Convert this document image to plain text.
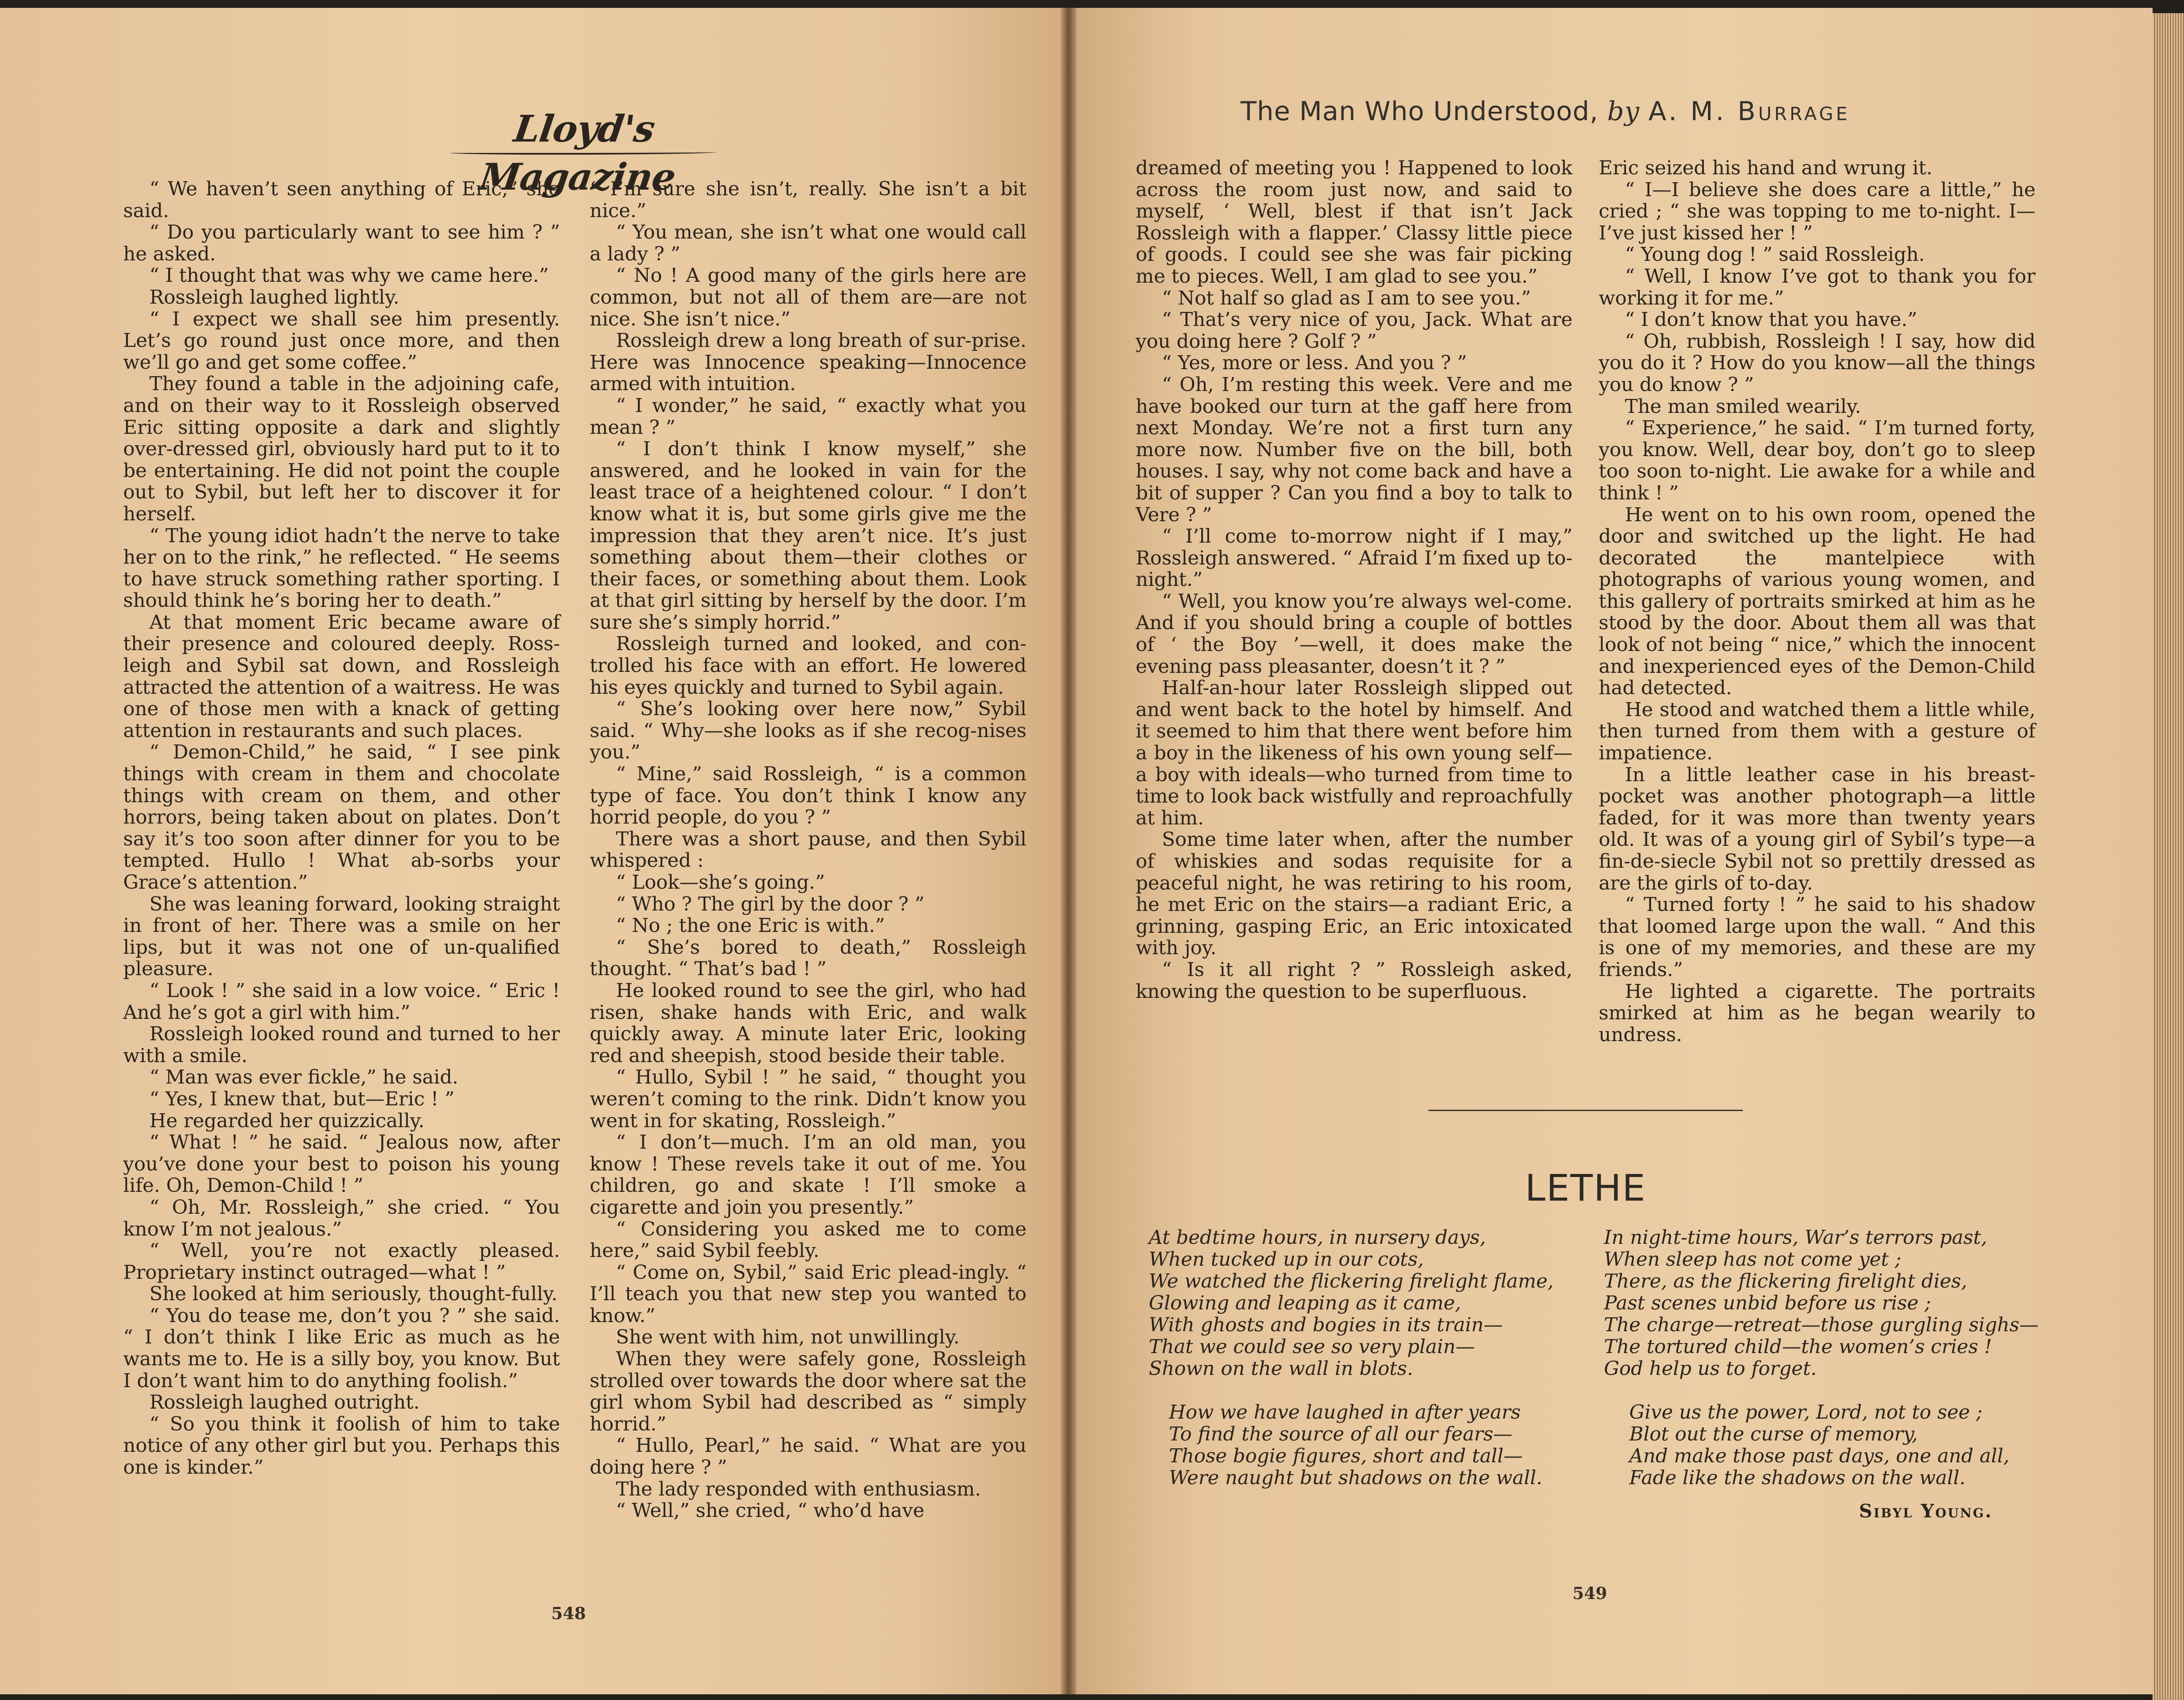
Lloyd's Magazine
The Man Who Understood, by A. M. Burrage

“ We haven’t seen anything of Eric,” she said.

“ Do you particularly want to see him ? ” he asked.

“ I thought that was why we came here.”

Rossleigh laughed lightly.

“ I expect we shall see him presently. Let’s go round just once more, and then we’ll go and get some coffee.”

They found a table in the adjoining cafe, and on their way to it Rossleigh observed Eric sitting opposite a dark and slightly over-dressed girl, obviously hard put to it to be entertaining. He did not point the couple out to Sybil, but left her to discover it for herself.

“ The young idiot hadn’t the nerve to take her on to the rink,” he reflected. “ He seems to have struck something rather sporting. I should think he’s boring her to death.”

At that moment Eric became aware of their presence and coloured deeply. Ross-leigh and Sybil sat down, and Rossleigh attracted the attention of a waitress. He was one of those men with a knack of getting attention in restaurants and such places.

“ Demon-Child,” he said, “ I see pink things with cream in them and chocolate things with cream on them, and other horrors, being taken about on plates. Don’t say it’s too soon after dinner for you to be tempted. Hullo ! What ab-sorbs your Grace’s attention.”

She was leaning forward, looking straight in front of her. There was a smile on her lips, but it was not one of un-qualified pleasure.

“ Look ! ” she said in a low voice. “ Eric ! And he’s got a girl with him.”

Rossleigh looked round and turned to her with a smile.

“ Man was ever fickle,” he said.

“ Yes, I knew that, but—Eric ! ”

He regarded her quizzically.

“ What ! ” he said. “ Jealous now, after you’ve done your best to poison his young life. Oh, Demon-Child ! ”

“ Oh, Mr. Rossleigh,” she cried. “ You know I’m not jealous.”

“ Well, you’re not exactly pleased. Proprietary instinct outraged—what ! ”

She looked at him seriously, thought-fully.

“ You do tease me, don’t you ? ” she said. “ I don’t think I like Eric as much as he wants me to. He is a silly boy, you know. But I don’t want him to do anything foolish.”

Rossleigh laughed outright.

“ So you think it foolish of him to take notice of any other girl but you. Perhaps this one is kinder.”

“ I’m sure she isn’t, really. She isn’t a bit nice.”

“ You mean, she isn’t what one would call a lady ? ”

“ No ! A good many of the girls here are common, but not all of them are—are not nice. She isn’t nice.”

Rossleigh drew a long breath of sur-prise. Here was Innocence speaking—Innocence armed with intuition.

“ I wonder,” he said, “ exactly what you mean ? ”

“ I don’t think I know myself,” she answered, and he looked in vain for the least trace of a heightened colour. “ I don’t know what it is, but some girls give me the impression that they aren’t nice. It’s just something about them—their clothes or their faces, or something about them. Look at that girl sitting by herself by the door. I’m sure she’s simply horrid.”

Rossleigh turned and looked, and con-trolled his face with an effort. He lowered his eyes quickly and turned to Sybil again.

“ She’s looking over here now,” Sybil said. “ Why—she looks as if she recog-nises you.”

“ Mine,” said Rossleigh, “ is a common type of face. You don’t think I know any horrid people, do you ? ”

There was a short pause, and then Sybil whispered :

“ Look—she’s going.”

“ Who ? The girl by the door ? ”

“ No ; the one Eric is with.”

“ She’s bored to death,” Rossleigh thought. “ That’s bad ! ”

He looked round to see the girl, who had risen, shake hands with Eric, and walk quickly away. A minute later Eric, looking red and sheepish, stood beside their table.

“ Hullo, Sybil ! ” he said, “ thought you weren’t coming to the rink. Didn’t know you went in for skating, Rossleigh.”

“ I don’t—much. I’m an old man, you know ! These revels take it out of me. You children, go and skate ! I’ll smoke a cigarette and join you presently.”

“ Considering you asked me to come here,” said Sybil feebly.

“ Come on, Sybil,” said Eric plead-ingly. “ I’ll teach you that new step you wanted to know.”

She went with him, not unwillingly.

When they were safely gone, Rossleigh strolled over towards the door where sat the girl whom Sybil had described as “ simply horrid.”

“ Hullo, Pearl,” he said. “ What are you doing here ? ”

The lady responded with enthusiasm.

“ Well,” she cried, “ who’d have

dreamed of meeting you ! Happened to look across the room just now, and said to myself, ‘ Well, blest if that isn’t Jack Rossleigh with a flapper.’ Classy little piece of goods. I could see she was fair picking me to pieces. Well, I am glad to see you.”

“ Not half so glad as I am to see you.”

“ That’s very nice of you, Jack. What are you doing here ? Golf ? ”

“ Yes, more or less. And you ? ”

“ Oh, I’m resting this week. Vere and me have booked our turn at the gaff here from next Monday. We’re not a first turn any more now. Number five on the bill, both houses. I say, why not come back and have a bit of supper ? Can you find a boy to talk to Vere ? ”

“ I’ll come to-morrow night if I may,” Rossleigh answered. “ Afraid I’m fixed up to-night.”

“ Well, you know you’re always wel-come. And if you should bring a couple of bottles of ‘ the Boy ’—well, it does make the evening pass pleasanter, doesn’t it ? ”

Half-an-hour later Rossleigh slipped out and went back to the hotel by himself. And it seemed to him that there went before him a boy in the likeness of his own young self—a boy with ideals—who turned from time to time to look back wistfully and reproachfully at him.

Some time later when, after the number of whiskies and sodas requisite for a peaceful night, he was retiring to his room, he met Eric on the stairs—a radiant Eric, a grinning, gasping Eric, an Eric intoxicated with joy.

“ Is it all right ? ” Rossleigh asked, knowing the question to be superfluous.

Eric seized his hand and wrung it.

“ I—I believe she does care a little,” he cried ; “ she was topping to me to-night. I—I’ve just kissed her ! ”

“ Young dog ! ” said Rossleigh.

“ Well, I know I’ve got to thank you for working it for me.”

“ I don’t know that you have.”

“ Oh, rubbish, Rossleigh ! I say, how did you do it ? How do you know—all the things you do know ? ”

The man smiled wearily.

“ Experience,” he said. “ I’m turned forty, you know. Well, dear boy, don’t go to sleep too soon to-night. Lie awake for a while and think ! ”

He went on to his own room, opened the door and switched up the light. He had decorated the mantelpiece with photographs of various young women, and this gallery of portraits smirked at him as he stood by the door. About them all was that look of not being “ nice,” which the innocent and inexperienced eyes of the Demon-Child had detected.

He stood and watched them a little while, then turned from them with a gesture of impatience.

In a little leather case in his breast-pocket was another photograph—a little faded, for it was more than twenty years old. It was of a young girl of Sybil’s type—a fin-de-siecle Sybil not so prettily dressed as are the girls of to-day.

“ Turned forty ! ” he said to his shadow that loomed large upon the wall. “ And this is one of my memories, and these are my friends.”

He lighted a cigarette. The portraits smirked at him as he began wearily to undress.

548
549
LETHE
At bedtime hours, in nursery days,
When tucked up in our cots,
We watched the flickering firelight flame,
Glowing and leaping as it came,
With ghosts and bogies in its train—
That we could see so very plain—
Shown on the wall in blots.
In night-time hours, War’s terrors past,
When sleep has not come yet ;
There, as the flickering firelight dies,
Past scenes unbid before us rise ;
The charge—retreat—those gurgling sighs—
The tortured child—the women’s cries !
God help us to forget.
How we have laughed in after years
To find the source of all our fears—
Those bogie figures, short and tall—
Were naught but shadows on the wall.
Give us the power, Lord, not to see ;
Blot out the curse of memory,
And make those past days, one and all,
Fade like the shadows on the wall.
Sibyl Young.
